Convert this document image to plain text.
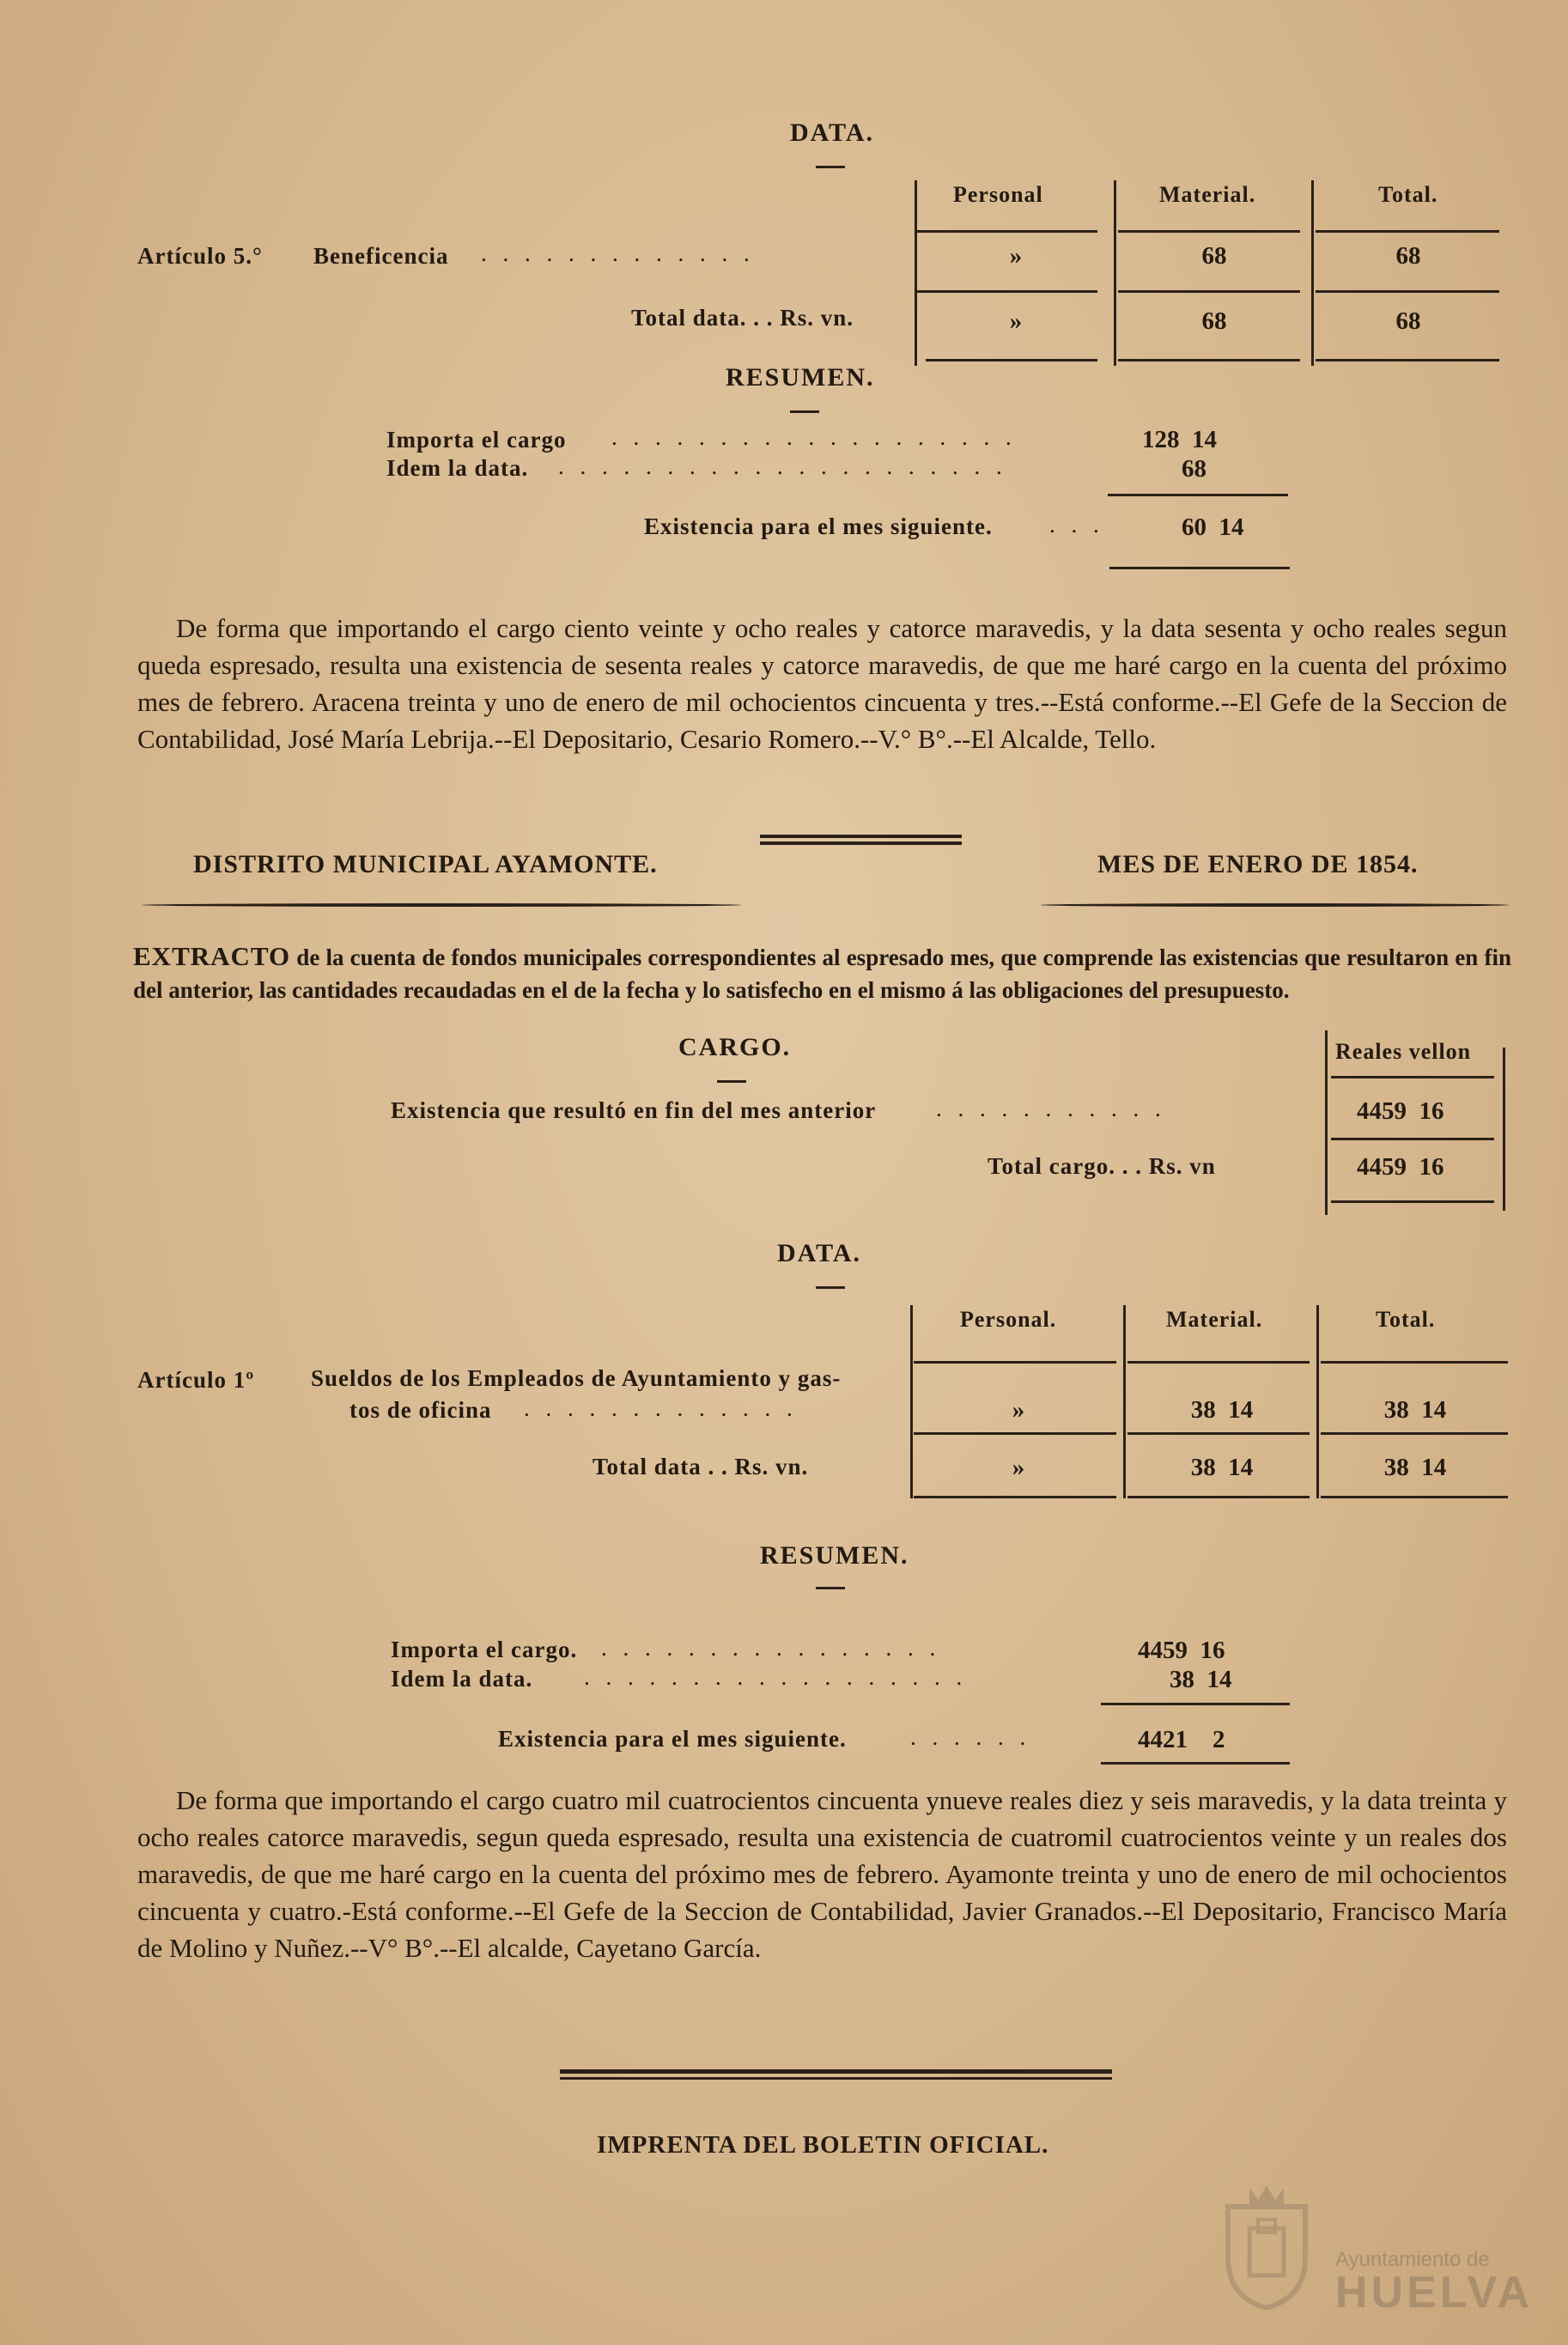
DATA.
Personal	Material.	Total.
Artículo 5.° Beneficencia . . . . . . . . . . . . .	»	68	68
Total data. . . Rs. vn.	»	68	68
RESUMEN.
Importa el cargo . . . . . . . . . . . . . . . . . . .	128  14
Idem la data. . . . . . . . . . . . . . . . . . . . . .	68
Existencia para el mes siguiente. . . .	60  14
De forma que importando el cargo ciento veinte y ocho reales y catorce maravedis, y la data sesenta y ocho reales segun queda espresado, resulta una existencia de sesenta reales y catorce maravedis, de que me haré cargo en la cuenta del próximo mes de febrero. Aracena treinta y uno de enero de mil ochocientos cincuenta y tres.--Está conforme.--El Gefe de la Seccion de Contabilidad, José María Lebrija.--El Depositario, Cesario Romero.--V.° B°.--El Alcalde, Tello.
DISTRITO MUNICIPAL AYAMONTE.	MES DE ENERO DE 1854.
EXTRACTO de la cuenta de fondos municipales correspondientes al espresado mes, que comprende las existencias que resultaron en fin del anterior, las cantidades recaudadas en el de la fecha y lo satisfecho en el mismo á las obligaciones del presupuesto.
CARGO.	Reales vellon
Existencia que resultó en fin del mes anterior	. . . . . . . . . . .	4459  16
Total cargo. . . Rs. vn	4459  16
DATA.
Personal.	Material.	Total.
Artículo 1º Sueldos de los Empleados de Ayuntamiento y gas-
tos de oficina . . . . . . . . . . . . .	»	38  14	38  14
Total data . . Rs. vn.	»	38  14	38  14
RESUMEN.
Importa el cargo. . . . . . . . . . . . . . . . .	4459  16
Idem la data. . . . . . . . . . . . . . . . . . .	38  14
Existencia para el mes siguiente.	. . . . . .	4421    2
De forma que importando el cargo cuatro mil cuatrocientos cincuenta ynueve reales diez y seis maravedis, y la data treinta y ocho reales catorce maravedis, segun queda espresado, resulta una existencia de cuatromil cuatrocientos veinte y un reales dos maravedis, de que me haré cargo en la cuenta del próximo mes de febrero. Ayamonte treinta y uno de enero de mil ochocientos cincuenta y cuatro.-Está conforme.--El Gefe de la Seccion de Contabilidad, Javier Granados.--El Depositario, Francisco María de Molino y Nuñez.--V° B°.--El alcalde, Cayetano García.
IMPRENTA DEL BOLETIN OFICIAL.
Ayuntamiento de
HUELVA
